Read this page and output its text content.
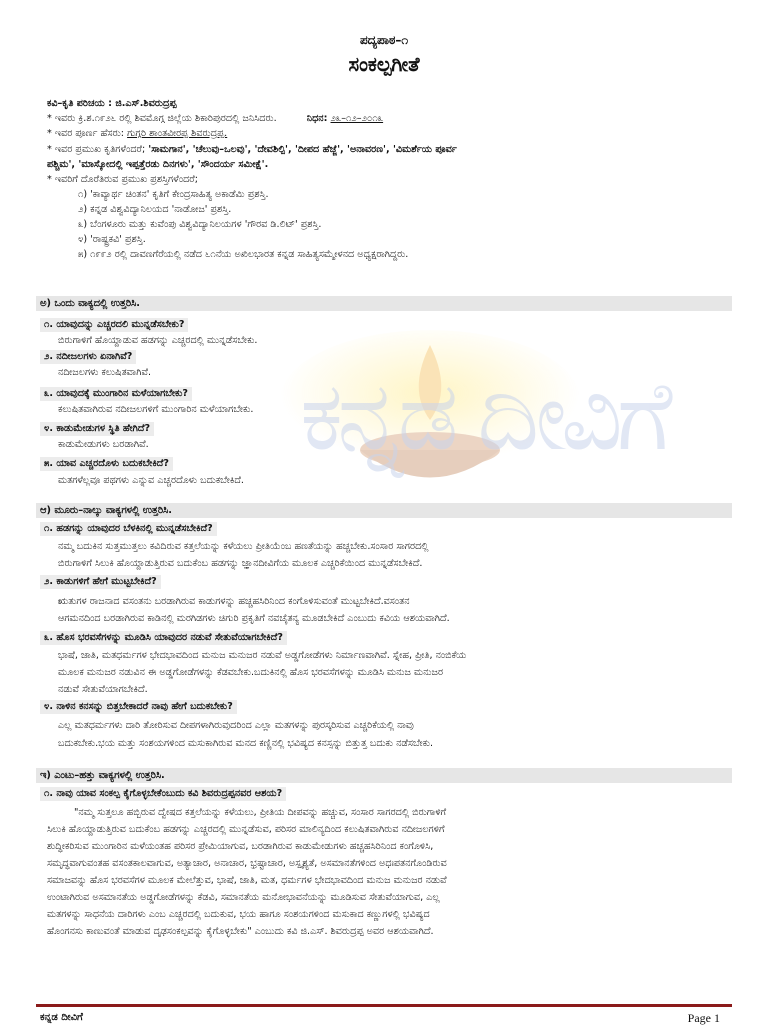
ಕನ್ನಡ ದೀವಿಗೆ
ಪದ್ಯಪಾಠ–೧
ಸಂಕಲ್ಪಗೀತೆ
ಕವಿ–ಕೃತಿ ಪರಿಚಯ : ಜಿ.ಎಸ್.ಶಿವರುದ್ರಪ್ಪ
* ಇವರು ಕ್ರಿ.ಶ.೧೯೨೬ ರಲ್ಲಿ ಶಿವಮೊಗ್ಗ ಜಿಲ್ಲೆಯ ಶಿಕಾರಿಪುರದಲ್ಲಿ ಜನಿಸಿದರು.	ನಿಧನ: ೨೩–೧೨–೨೦೧೩
* ಇವರ ಪೂರ್ಣ ಹೆಸರು: ಗುಗ್ಗರಿ ಶಾಂತವೀರಪ್ಪ ಶಿವರುದ್ರಪ್ಪ.
* ಇವರ ಪ್ರಮುಖ ಕೃತಿಗಳೆಂದರೆ; 'ಸಾಮಗಾನ', 'ಚೆಲುವು–ಒಲವು', 'ದೇವಶಿಲ್ಪಿ', 'ದೀಪದ ಹೆಜ್ಜೆ', 'ಅನಾವರಣ', 'ವಿಮರ್ಶೆಯ ಪೂರ್ವ
ಪಶ್ಚಿಮ', 'ಮಾಸ್ಕೋದಲ್ಲಿ ಇಪ್ಪತ್ತೆರಡು ದಿನಗಳು', 'ಸೌಂದರ್ಯ ಸಮೀಕ್ಷೆ'.
* ಇವರಿಗೆ ದೊರೆತಿರುವ ಪ್ರಮುಖ ಪ್ರಶಸ್ತಿಗಳೆಂದರೆ;
೧) 'ಕಾವ್ಯಾರ್ಥ ಚಿಂತನ' ಕೃತಿಗೆ ಕೇಂದ್ರಸಾಹಿತ್ಯ ಅಕಾಡೆಮಿ ಪ್ರಶಸ್ತಿ.
೨) ಕನ್ನಡ ವಿಶ್ವವಿದ್ಯಾನಿಲಯದ 'ನಾಡೋಜ' ಪ್ರಶಸ್ತಿ.
೩) ಬೆಂಗಳೂರು ಮತ್ತು ಕುವೆಂಪು ವಿಶ್ವವಿದ್ಯಾನಿಲಯಗಳ 'ಗೌರವ ಡಿ.ಲಿಟ್' ಪ್ರಶಸ್ತಿ.
೪) 'ರಾಷ್ಟ್ರಕವಿ' ಪ್ರಶಸ್ತಿ.
೫) ೧೯೯೨ ರಲ್ಲಿ ದಾವಣಗೆರೆಯಲ್ಲಿ ನಡೆದ ೬೧ನೆಯ ಅಖಿಲಭಾರತ ಕನ್ನಡ ಸಾಹಿತ್ಯಸಮ್ಮೇಳನದ ಅಧ್ಯಕ್ಷರಾಗಿದ್ದರು.
ಅ) ಒಂದು ವಾಕ್ಯದಲ್ಲಿ ಉತ್ತರಿಸಿ.
೧. ಯಾವುದನ್ನು ಎಚ್ಚರದಲಿ ಮುನ್ನಡೆಸಬೇಕು?
ಬಿರುಗಾಳಿಗೆ ಹೊಯ್ದಾಡುವ ಹಡಗನ್ನು ಎಚ್ಚರದಲ್ಲಿ ಮುನ್ನಡೆಸಬೇಕು.
೨. ನದೀಜಲಗಳು ಏನಾಗಿವೆ?
ನದೀಜಲಗಳು ಕಲುಷಿತವಾಗಿವೆ.
೩. ಯಾವುದಕ್ಕೆ ಮುಂಗಾರಿನ ಮಳೆಯಾಗಬೇಕು?
ಕಲುಷಿತವಾಗಿರುವ ನದೀಜಲಗಳಿಗೆ ಮುಂಗಾರಿನ ಮಳೆಯಾಗಬೇಕು.
೪. ಕಾಡುಮೇಡುಗಳ ಸ್ಥಿತಿ ಹೇಗಿದೆ?
ಕಾಡುಮೇಡುಗಳು ಬರಡಾಗಿವೆ.
೫. ಯಾವ ಎಚ್ಚರದೊಳು ಬದುಕಬೇಕಿದೆ?
ಮತಗಳೆಲ್ಲವೂ ಪಥಗಳು ಎನ್ನುವ ಎಚ್ಚರದೊಳು ಬದುಕಬೇಕಿದೆ.
ಆ) ಮೂರು–ನಾಲ್ಕು ವಾಕ್ಯಗಳಲ್ಲಿ ಉತ್ತರಿಸಿ.
೧. ಹಡಗನ್ನು ಯಾವುದರ ಬೆಳಕಿನಲ್ಲಿ ಮುನ್ನಡೆಸಬೇಕಿದೆ?
ನಮ್ಮ ಬದುಕಿನ ಸುತ್ತಮುತ್ತಲು ಕವಿದಿರುವ ಕತ್ತಲೆಯನ್ನು ಕಳೆಯಲು ಪ್ರೀತಿಯೆಂಬ ಹಣತೆಯನ್ನು ಹಚ್ಚಬೇಕು.ಸಂಸಾರ ಸಾಗರದಲ್ಲಿ
ಬಿರುಗಾಳಿಗೆ ಸಿಲುಕಿ ಹೊಯ್ದಾಡುತ್ತಿರುವ ಬದುಕೆಂಬ ಹಡಗನ್ನು ಜ್ಞಾನದೀವಿಗೆಯ ಮೂಲಕ ಎಚ್ಚರಿಕೆಯಿಂದ ಮುನ್ನಡೆಸಬೇಕಿದೆ.
೨. ಕಾಡುಗಳಿಗೆ ಹೇಗೆ ಮುಟ್ಟಬೇಕಿದೆ?
ಋತುಗಳ ರಾಜನಾದ ವಸಂತನು ಬರಡಾಗಿರುವ ಕಾಡುಗಳನ್ನು ಹಚ್ಚಹಸಿರಿನಿಂದ ಕಂಗೊಳಿಸುವಂತೆ ಮುಟ್ಟಬೇಕಿದೆ.ವಸಂತನ
ಆಗಮನದಿಂದ ಬರಡಾಗಿರುವ ಕಾಡಿನಲ್ಲಿ ಮರಗಿಡಗಳು ಚಿಗುರಿ ಪ್ರಕೃತಿಗೆ ನವಚೈತನ್ಯ ಮೂಡಬೇಕಿದೆ ಎಂಬುದು ಕವಿಯ ಆಶಯವಾಗಿದೆ.
೩. ಹೊಸ ಭರವಸೆಗಳನ್ನು ಮೂಡಿಸಿ ಯಾವುದರ ನಡುವೆ ಸೇತುವೆಯಾಗಬೇಕಿದೆ?
ಭಾಷೆ, ಜಾತಿ, ಮತಧರ್ಮಗಳ ಭೇದಭಾವದಿಂದ ಮನುಜ ಮನುಜರ ನಡುವೆ ಅಡ್ಡಗೋಡೆಗಳು ನಿರ್ಮಾಣವಾಗಿವೆ. ಸ್ನೇಹ, ಪ್ರೀತಿ, ನಂಬಿಕೆಯ
ಮೂಲಕ ಮನುಜರ ನಡುವಿನ ಈ ಅಡ್ಡಗೋಡೆಗಳನ್ನು ಕೆಡವಬೇಕು.ಬದುಕಿನಲ್ಲಿ ಹೊಸ ಭರವಸೆಗಳನ್ನು ಮೂಡಿಸಿ ಮನುಜ ಮನುಜರ
ನಡುವೆ ಸೇತುವೆಯಾಗಬೇಕಿದೆ.
೪. ನಾಳಿನ ಕನಸನ್ನು ಬಿತ್ತಬೇಕಾದರೆ ನಾವು ಹೇಗೆ ಬದುಕಬೇಕು?
ಎಲ್ಲ ಮತಧರ್ಮಗಳು ದಾರಿ ತೋರಿಸುವ ದೀಪಗಳಾಗಿರುವುದರಿಂದ ಎಲ್ಲಾ ಮತಗಳನ್ನು ಪುರಸ್ಕರಿಸುವ ಎಚ್ಚರಿಕೆಯಲ್ಲಿ ನಾವು
ಬದುಕಬೇಕು.ಭಯ ಮತ್ತು ಸಂಶಯಗಳಿಂದ ಮಸುಕಾಗಿರುವ ಮನದ ಕಣ್ಣಿನಲ್ಲಿ ಭವಿಷ್ಯದ ಕನಸ್ಸನ್ನು ಬಿತ್ತುತ್ತ ಬದುಕು ನಡೆಸಬೇಕು.
ಇ) ಎಂಟು–ಹತ್ತು ವಾಕ್ಯಗಳಲ್ಲಿ ಉತ್ತರಿಸಿ.
೧. ನಾವು ಯಾವ ಸಂಕಲ್ಪ ಕೈಗೊಳ್ಳಬೇಕೆಂಬುದು ಕವಿ ಶಿವರುದ್ರಪ್ಪನವರ ಆಶಯ?
"ನಮ್ಮ ಸುತ್ತಲೂ ಹಬ್ಬಿರುವ ದ್ವೇಷದ ಕತ್ತಲೆಯನ್ನು ಕಳೆಯಲು, ಪ್ರೀತಿಯ ದೀಪವನ್ನು ಹಚ್ಚುವ, ಸಂಸಾರ ಸಾಗರದಲ್ಲಿ ಬಿರುಗಾಳಿಗೆ
ಸಿಲುಕಿ ಹೊಯ್ದಾಡುತ್ತಿರುವ ಬದುಕೆಂಬ ಹಡಗನ್ನು ಎಚ್ಚರದಲ್ಲಿ ಮುನ್ನಡೆಸುವ, ಪರಿಸರ ಮಾಲಿನ್ಯದಿಂದ ಕಲುಷಿತವಾಗಿರುವ ನದೀಜಲಗಳಿಗೆ
ಶುದ್ಧೀಕರಿಸುವ ಮುಂಗಾರಿನ ಮಳೆಯಂತಹ ಪರಿಸರ ಪ್ರೇಮಿಯಾಗುವ, ಬರಡಾಗಿರುವ ಕಾಡುಮೇಡುಗಳು ಹಚ್ಚಹಸಿರಿನಿಂದ ಕಂಗೊಳಿಸಿ,
ಸಮೃದ್ಧವಾಗುವಂತಹ ವಸಂತಕಾಲವಾಗುವ, ಅತ್ಯಾಚಾರ, ಅನಾಚಾರ, ಭ್ರಷ್ಟಾಚಾರ, ಅಸ್ಪೃಶ್ಯತೆ, ಅಸಮಾನತೆಗಳಿಂದ ಅಧಃಪತನಗೊಂಡಿರುವ
ಸಮಾಜವನ್ನು ಹೊಸ ಭರವಸೆಗಳ ಮೂಲಕ ಮೇಲೆತ್ತುವ, ಭಾಷೆ, ಜಾತಿ, ಮತ, ಧರ್ಮಗಳ ಭೇದಭಾವದಿಂದ ಮನುಜ ಮನುಜರ ನಡುವೆ
ಉಂಟಾಗಿರುವ ಅಸಮಾನತೆಯ ಅಡ್ಡಗೋಡೆಗಳನ್ನು ಕೆಡವಿ, ಸಮಾನತೆಯ ಮನೋಭಾವನೆಯನ್ನು ಮೂಡಿಸುವ ಸೇತುವೆಯಾಗುವ, ಎಲ್ಲ
ಮತಗಳನ್ನು ಸಾಧನೆಯ ದಾರಿಗಳು ಎಂಬ ಎಚ್ಚರದಲ್ಲಿ ಬದುಕುವ, ಭಯ ಹಾಗೂ ಸಂಶಯಗಳಿಂದ ಮಸುಕಾದ ಕಣ್ಣುಗಳಲ್ಲಿ ಭವಿಷ್ಯದ
ಹೊಂಗನಸು ಕಾಣುವಂತೆ ಮಾಡುವ ದೃಢಸಂಕಲ್ಪವನ್ನು ಕೈಗೊಳ್ಳಬೇಕು" ಎಂಬುದು ಕವಿ ಜಿ.ಎಸ್. ಶಿವರುದ್ರಪ್ಪ ಅವರ ಆಶಯವಾಗಿದೆ.
ಕನ್ನಡ ದೀವಿಗೆ	Page 1
